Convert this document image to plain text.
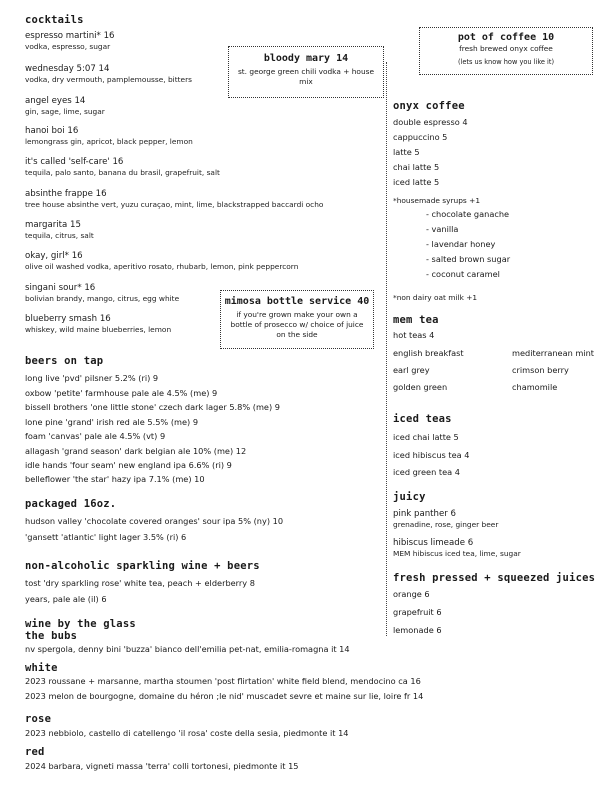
cocktails
espresso martini* 16
vodka, espresso, sugar
wednesday 5:07 14
vodka, dry vermouth, pamplemousse, bitters
angel eyes 14
gin, sage, lime, sugar
hanoi boi 16
lemongrass gin, apricot, black pepper, lemon
it's called 'self-care' 16
tequila, palo santo, banana du brasil, grapefruit, salt
absinthe frappe 16
tree house absinthe vert, yuzu curaçao, mint, lime, blackstrapped baccardi ocho
margarita 15
tequila, citrus, salt
okay, girl* 16
olive oil washed vodka, aperitivo rosato, rhubarb, lemon, pink peppercorn
singani sour* 16
bolivian brandy, mango, citrus, egg white
blueberry smash 16
whiskey, wild maine blueberries, lemon
bloody mary 14
st. george green chili vodka + house mix
mimosa bottle service 40
if you're grown make your own a bottle of prosecco w/ choice of juice on the side
beers on tap
long live 'pvd' pilsner 5.2% (ri) 9
oxbow 'petite' farmhouse pale ale 4.5% (me) 9
bissell brothers 'one little stone' czech dark lager 5.8% (me) 9
lone pine 'grand' irish red ale 5.5% (me) 9
foam 'canvas' pale ale 4.5% (vt) 9
allagash 'grand season' dark belgian ale 10% (me) 12
idle hands 'four seam' new england ipa 6.6% (ri) 9
belleflower 'the star' hazy ipa 7.1% (me) 10
packaged 16oz.
hudson valley 'chocolate covered oranges' sour ipa 5% (ny) 10
'gansett 'atlantic' light lager 3.5% (ri) 6
non-alcoholic sparkling wine + beers
tost 'dry sparkling rose' white tea, peach + elderberry 8
years, pale ale (il) 6
wine by the glass
the bubs
nv spergola, denny bini 'buzza' bianco dell'emilia pet-nat, emilia-romagna it 14
white
2023 roussane + marsanne, martha stoumen 'post flirtation' white field blend, mendocino ca 16
2023 melon de bourgogne, domaine du héron ;le nid' muscadet sevre et maine sur lie, loire fr 14
rose
2023 nebbiolo, castello di catellengo 'il rosa' coste della sesia, piedmonte it 14
red
2024 barbara, vigneti massa 'terra' colli tortonesi, piedmonte it 15
pot of coffee 10
fresh brewed onyx coffee
(lets us know how you like it)
onyx coffee
double espresso 4
cappuccino 5
latte 5
chai latte 5
iced latte 5
*housemade syrups +1
- chocolate ganache
- vanilla
- lavendar honey
- salted brown sugar
- coconut caramel
*non dairy oat milk +1
mem tea
hot teas 4
english breakfast
earl grey
golden green
mediterranean mint
crimson berry
chamomile
iced teas
iced chai latte 5
iced hibiscus tea 4
iced green tea 4
juicy
pink panther 6
grenadine, rose, ginger beer
hibiscus limeade 6
MEM hibiscus iced tea, lime, sugar
fresh pressed + squeezed juices
orange 6
grapefruit 6
lemonade 6
